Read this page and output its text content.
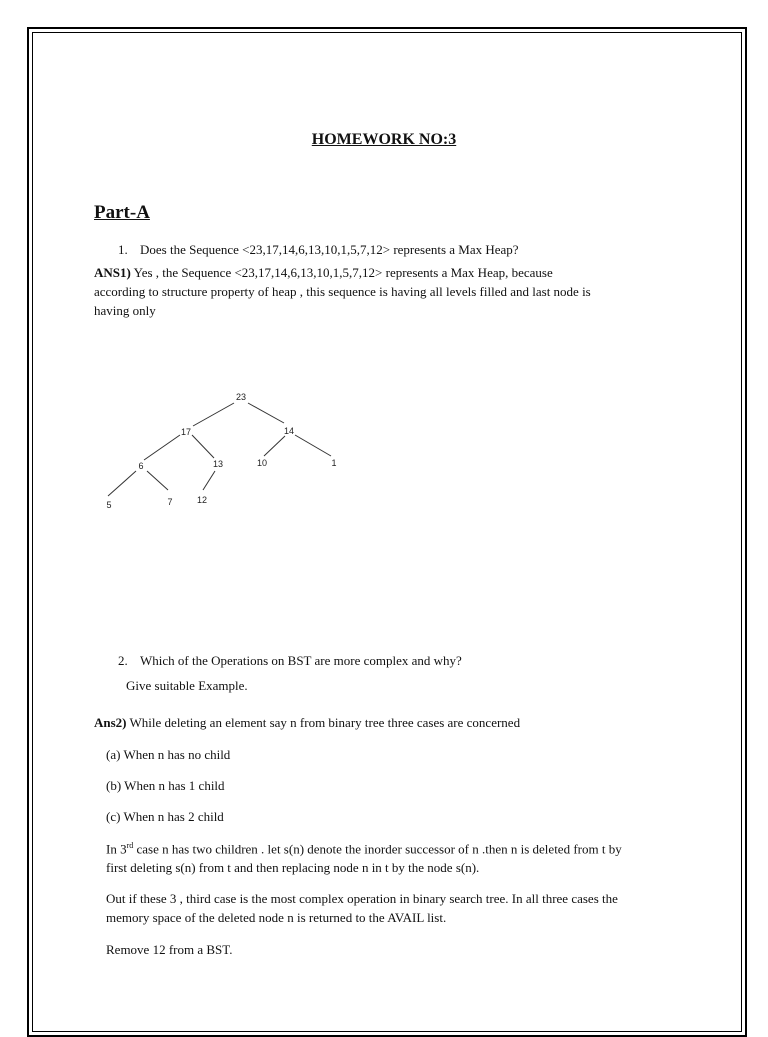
HOMEWORK NO:3
Part-A
1. Does the Sequence <23,17,14,6,13,10,1,5,7,12> represents a Max Heap?
ANS1) Yes , the Sequence <23,17,14,6,13,10,1,5,7,12> represents a Max Heap, because
according to structure property of heap , this sequence is having all levels filled and last node is
having only
23
17	14
6	13	10	1
5	7	12
2. Which of the Operations on BST are more complex and why?
Give suitable Example.
Ans2) While deleting an element say n from binary tree three cases are concerned
(a) When n has no child
(b) When n has 1 child
(c) When n has 2 child
In 3rd case n has two children . let s(n) denote the inorder successor of n .then n is deleted from t by
first deleting s(n) from t and then replacing node n in t by the node s(n).
Out if these 3 , third case is the most complex operation in binary search tree. In all three cases the
memory space of the deleted node n is returned to the AVAIL list.
Remove 12 from a BST.
